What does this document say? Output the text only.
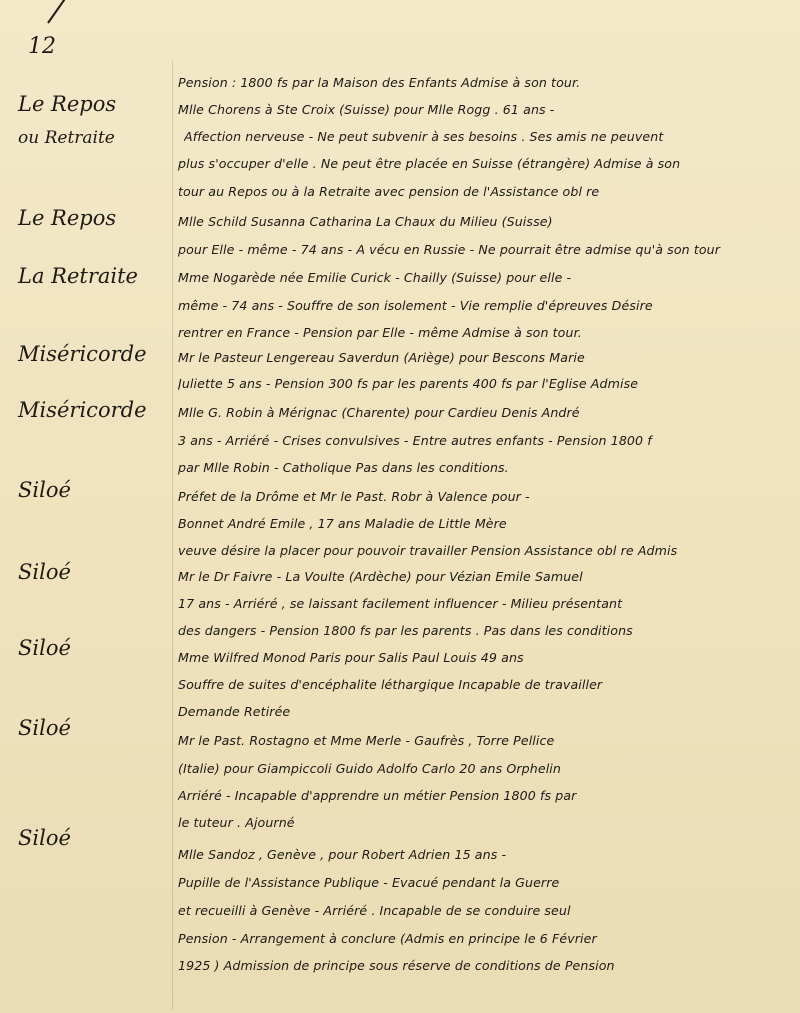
12
Le Repos
ou Retraite
Le Repos
La Retraite
Miséricorde
Miséricorde
Siloé
Siloé
Siloé
Siloé
Siloé
Pension : 1800 fs par la Maison des Enfants Admise à son tour.
Mlle Chorens à Ste Croix (Suisse) pour Mlle Rogg . 61 ans -
Affection nerveuse - Ne peut subvenir à ses besoins . Ses amis ne peuvent
plus s'occuper d'elle . Ne peut être placée en Suisse (étrangère) Admise à son
tour au Repos ou à la Retraite avec pension de l'Assistance obl re
Mlle Schild Susanna Catharina La Chaux du Milieu (Suisse)
pour Elle - même - 74 ans - A vécu en Russie - Ne pourrait être admise qu'à son tour
Mme Nogarède née Emilie Curick - Chailly (Suisse) pour elle -
même - 74 ans - Souffre de son isolement - Vie remplie d'épreuves Désire
rentrer en France - Pension par Elle - même Admise à son tour.
Mr le Pasteur Lengereau Saverdun (Ariège) pour Bescons Marie
Juliette 5 ans - Pension 300 fs par les parents 400 fs par l'Eglise Admise
Mlle G. Robin à Mérignac (Charente) pour Cardieu Denis André
3 ans - Arriéré - Crises convulsives - Entre autres enfants - Pension 1800 f
par Mlle Robin - Catholique Pas dans les conditions.
Préfet de la Drôme et Mr le Past. Robr à Valence pour -
Bonnet André Emile , 17 ans Maladie de Little Mère
veuve désire la placer pour pouvoir travailler Pension Assistance obl re Admis
Mr le Dr Faivre - La Voulte (Ardèche) pour Vézian Emile Samuel
17 ans - Arriéré , se laissant facilement influencer - Milieu présentant
des dangers - Pension 1800 fs par les parents . Pas dans les conditions
Mme Wilfred Monod Paris pour Salis Paul Louis 49 ans
Souffre de suites d'encéphalite léthargique Incapable de travailler
Demande Retirée
Mr le Past. Rostagno et Mme Merle - Gaufrès , Torre Pellice
(Italie) pour Giampiccoli Guido Adolfo Carlo 20 ans Orphelin
Arriéré - Incapable d'apprendre un métier Pension 1800 fs par
le tuteur . Ajourné
Mlle Sandoz , Genève , pour Robert Adrien 15 ans -
Pupille de l'Assistance Publique - Evacué pendant la Guerre
et recueilli à Genève - Arriéré . Incapable de se conduire seul
Pension - Arrangement à conclure (Admis en principe le 6 Février
1925 ) Admission de principe sous réserve de conditions de Pension
